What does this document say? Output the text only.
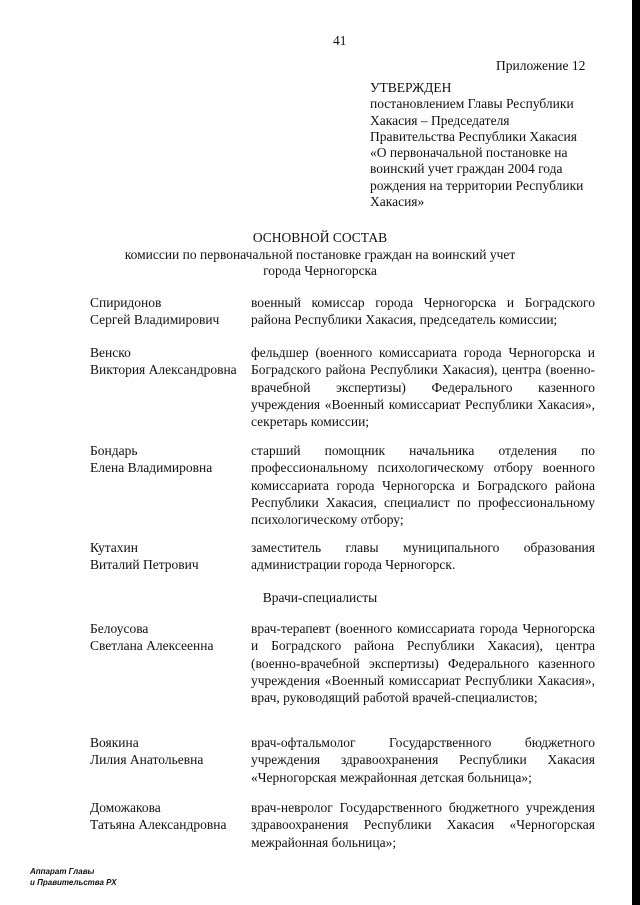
41
Приложение 12
УТВЕРЖДЕН
постановлением Главы Республики
Хакасия – Председателя
Правительства Республики Хакасия
«О первоначальной постановке на
воинский учет граждан 2004 года
рождения на территории Республики
Хакасия»
ОСНОВНОЙ СОСТАВ
комиссии по первоначальной постановке граждан на воинский учет
города Черногорска
Спиридонов
Сергей Владимирович
военный комиссар города Черногорска и Боградского района Республики Хакасия, председатель комиссии;
Венско
Виктория Александровна
фельдшер (военного комиссариата города Черногорска и Боградского района Республики Хакасия), центра (военно-врачебной экспертизы) Федерального казенного учреждения «Военный комиссариат Республики Хакасия», секретарь комиссии;
Бондарь
Елена Владимировна
старший помощник начальника отделения по профессиональному психологическому отбору военного комиссариата города Черногорска и Боградского района Республики Хакасия, специалист по профессиональному психологическому отбору;
Кутахин
Виталий Петрович
заместитель главы муниципального образования администрации города Черногорск.
Врачи-специалисты
Белоусова
Светлана Алексеенна
врач-терапевт (военного комиссариата города Черногорска и Боградского района Республики Хакасия), центра (военно-врачебной экспертизы) Федерального казенного учреждения «Военный комиссариат Республики Хакасия», врач, руководящий работой врачей-специалистов;
Воякина
Лилия Анатольевна
врач-офтальмолог Государственного бюджетного учреждения здравоохранения Республики Хакасия «Черногорская межрайонная детская больница»;
Доможакова
Татьяна Александровна
врач-невролог Государственного бюджетного учреждения здравоохранения Республики Хакасия «Черногорская межрайонная больница»;
Аппарат Главы
и Правительства РХ
